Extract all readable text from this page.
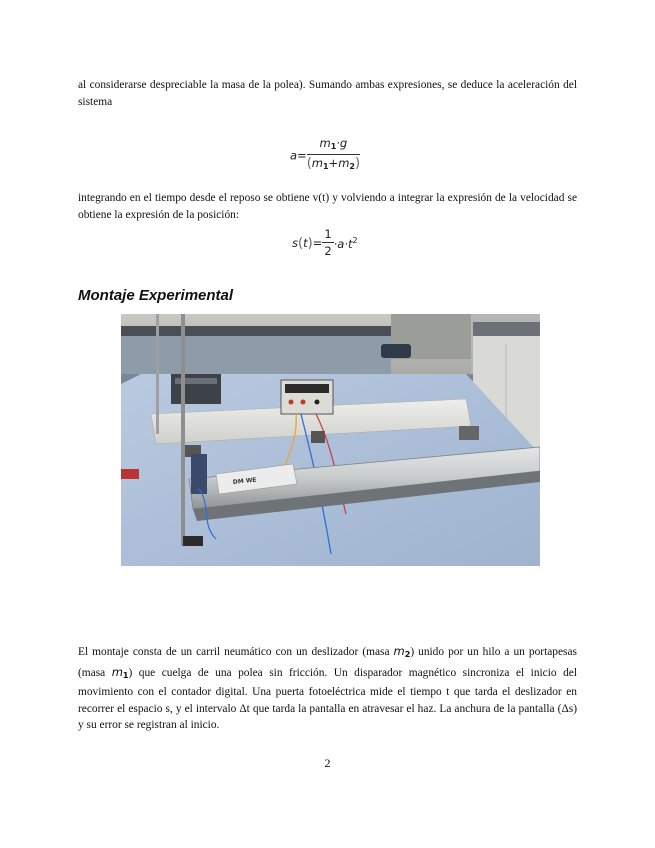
al considerarse despreciable la masa de la polea). Sumando ambas expresiones, se deduce la aceleración del sistema

$a= \frac{m_1\cdot g}{(m_1+m_2)}$

integrando en el tiempo desde el reposo se obtiene v(t) y volviendo a integrar la expresión de la velocidad se obtiene la expresión de la posición:

$s(t)= \frac{1}{2} \cdot a\cdot t^2$
Montaje Experimental
DM WE

El montaje consta de un carril neumático con un deslizador (masa $m_2$) unido por un hilo a un portapesas (masa $m_1$) que cuelga de una polea sin fricción. Un disparador magnético sincroniza el inicio del movimiento con el contador digital. Una puerta fotoeléctrica mide el tiempo t que tarda el deslizador en recorrer el espacio s, y el intervalo Δt que tarda la pantalla en atravesar el haz. La anchura de la pantalla (Δs) y su error se registran al inicio.

2
